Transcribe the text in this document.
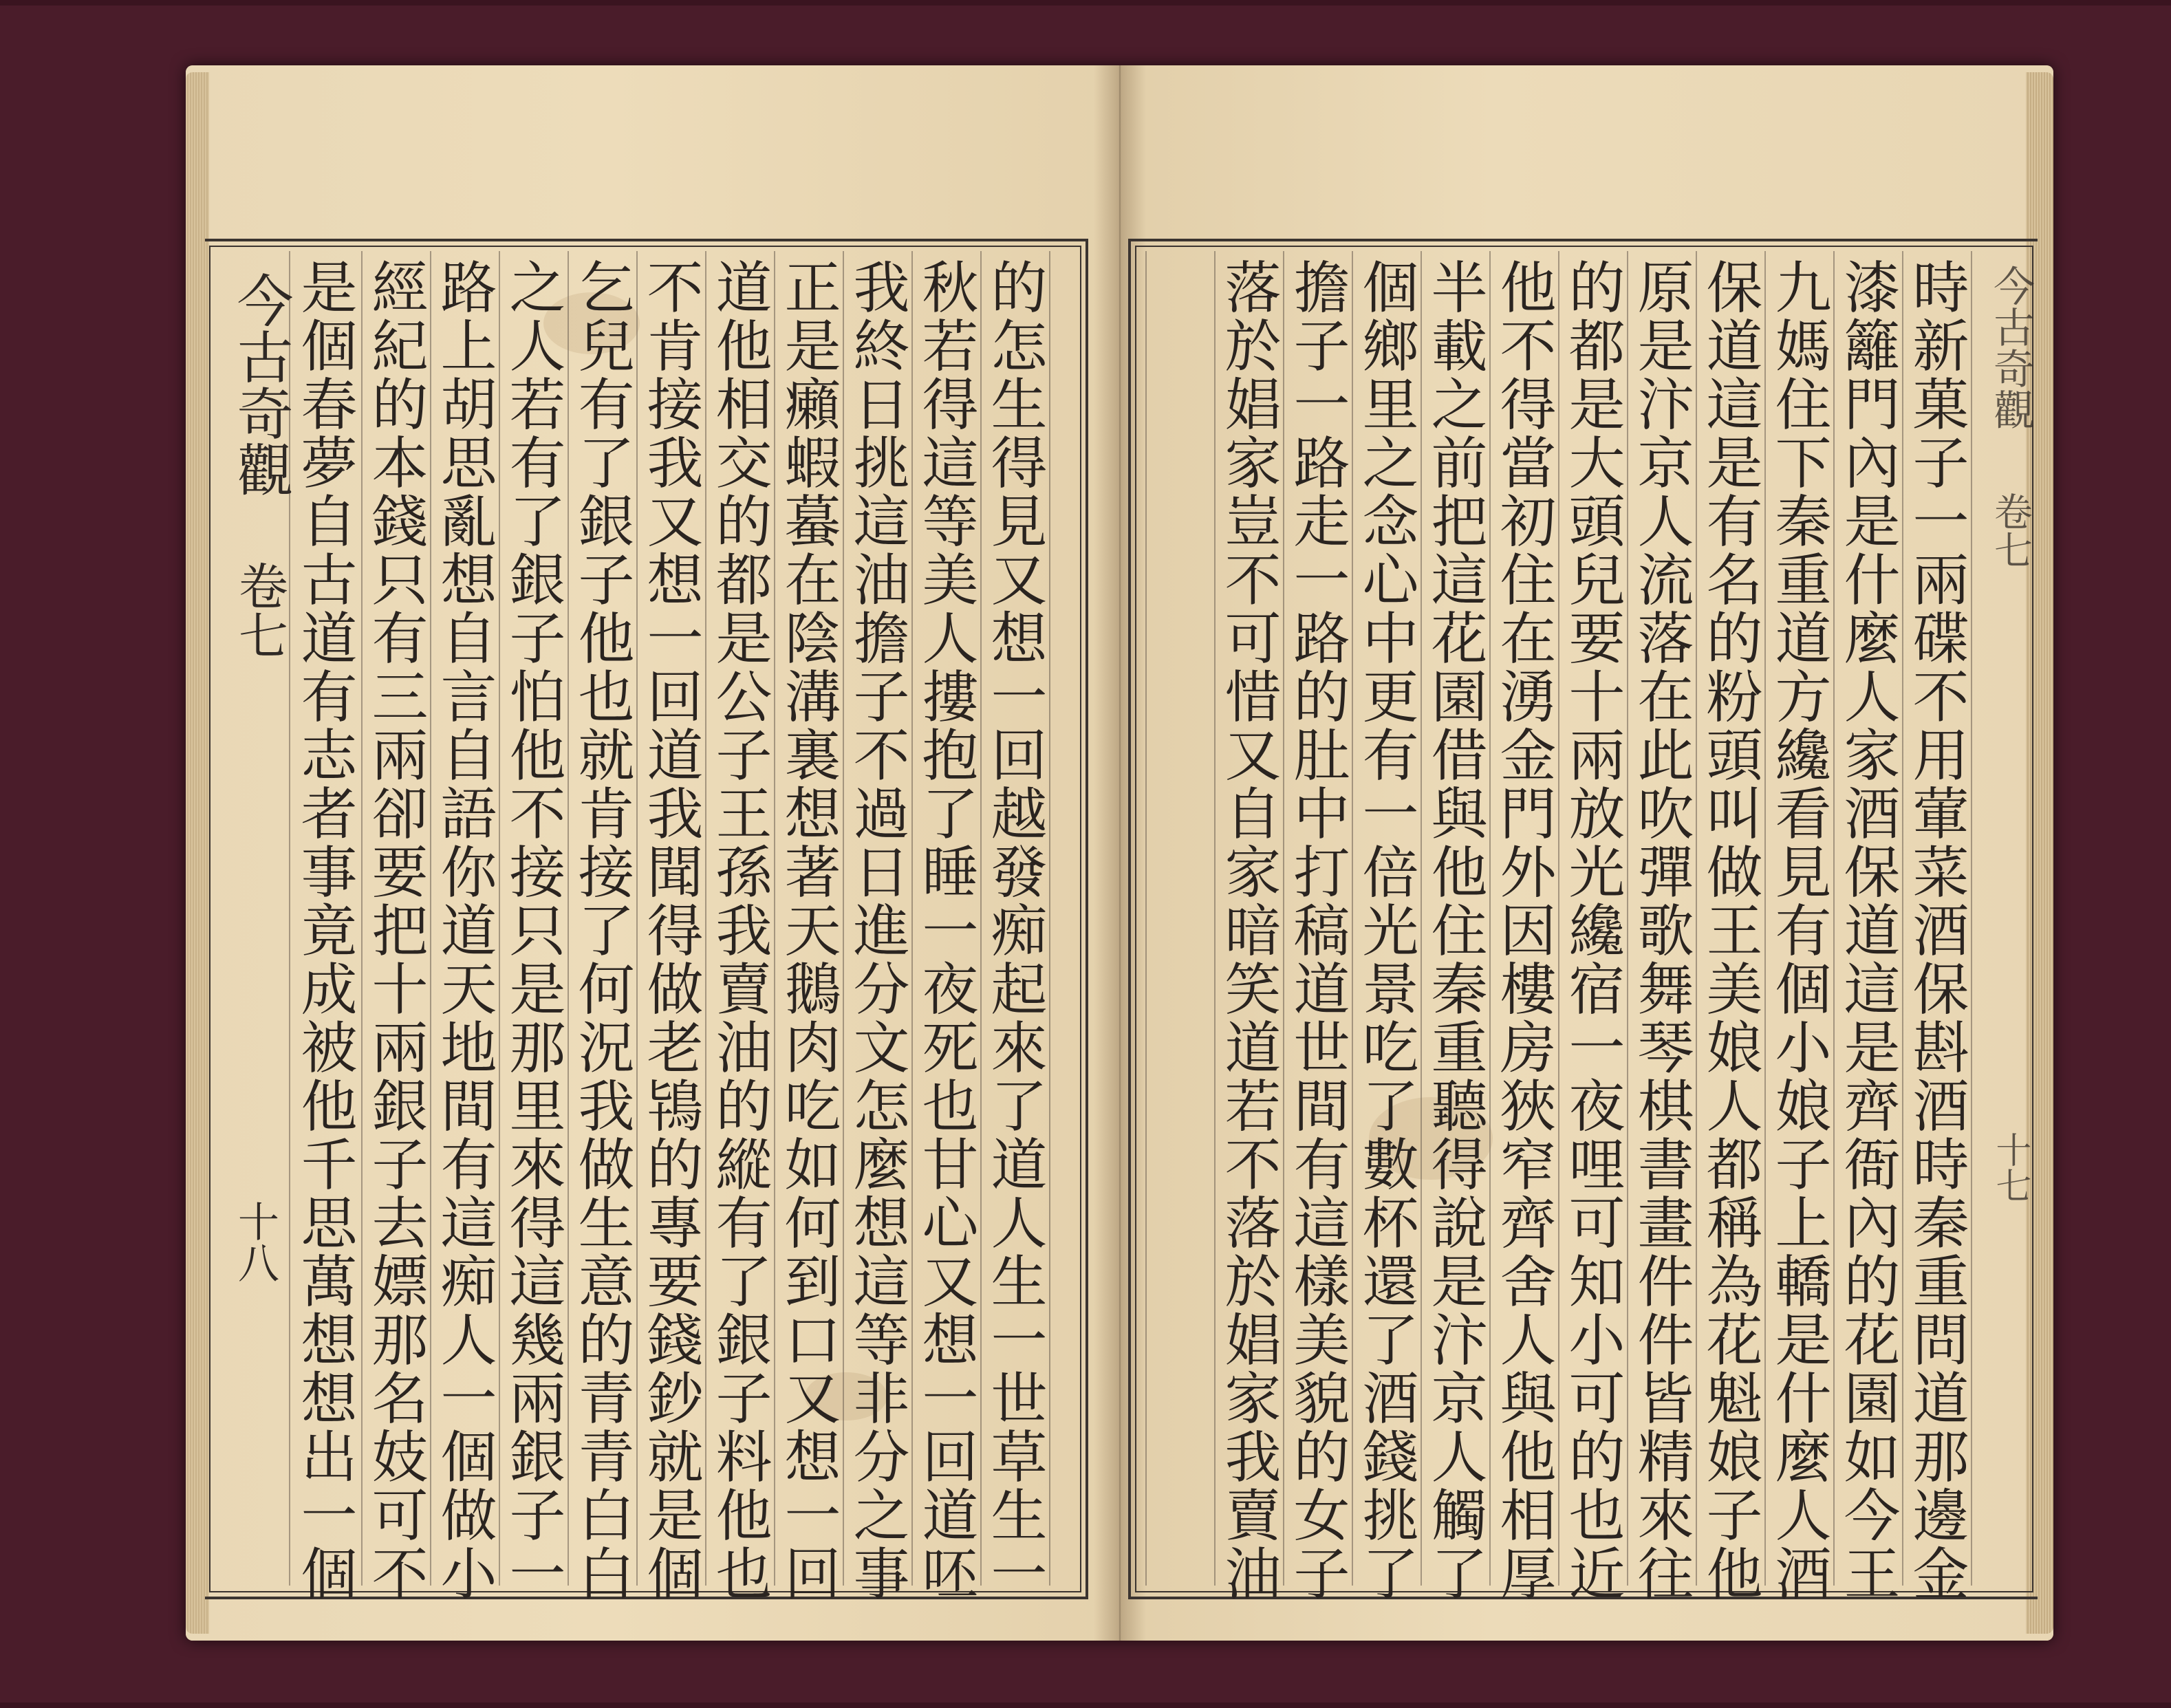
今古奇觀
卷七
十八 是個春夢自古道有志者事竟成被他千思萬想想出一個 經紀的本錢只有三兩卻要把十兩銀子去嫖那名妓可不 路上胡思亂想自言自語你道天地間有這痴人一個做小 之人若有了銀子怕他不接只是那里來得這幾兩銀子一 乞兒有了銀子他也就肯接了何況我做生意的青青白白 不肯接我又想一回道我聞得做老鴇的專要錢鈔就是個 道他相交的都是公子王孫我賣油的縱有了銀子料他也 正是癩蝦蟇在陰溝裏想著天鵝肉吃如何到口又想一回 我終日挑這油擔子不過日進分文怎麼想這等非分之事 秋若得這等美人摟抱了睡一夜死也甘心又想一回道呸 的怎生得見又想一回越發痴起來了道人生一世草生一	時新菓子一兩碟不用葷菜酒保斟酒時秦重問道那邊金
漆籬門內是什麼人家酒保道這是齊衙內的花園如今王
九媽住下秦重道方纔看見有個小娘子上轎是什麼人酒
保道這是有名的粉頭叫做王美娘人都稱為花魁娘子他
原是汴京人流落在此吹彈歌舞琴棋書畫件件皆精來往
的都是大頭兒要十兩放光纔宿一夜哩可知小可的也近
他不得當初住在湧金門外因樓房狹窄齊舍人與他相厚
半載之前把這花園借與他住秦重聽得說是汴京人觸了
個鄉里之念心中更有一倍光景吃了數杯還了酒錢挑了
擔子一路走一路的肚中打稿道世間有這樣美貌的女子
落於娼家豈不可惜又自家暗笑道若不落於娼家我賣油	今古奇觀
卷七
十七
